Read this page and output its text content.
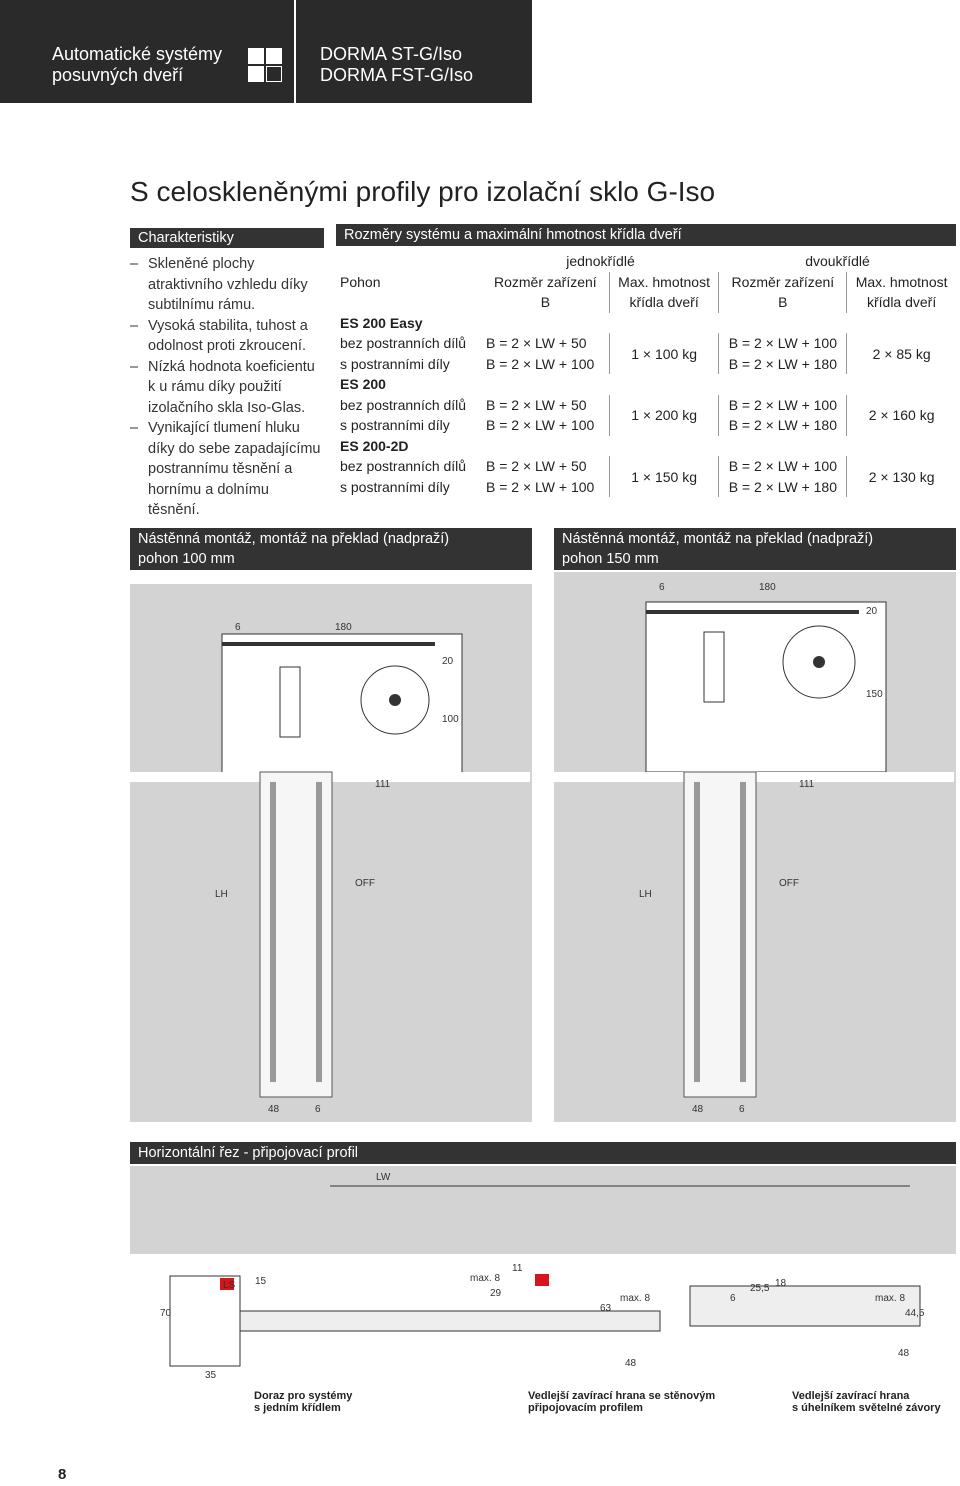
Automatické systémy
posuvných dveří
DORMA ST-G/Iso
DORMA FST-G/Iso
S celoskleněnými profily pro izolační sklo G-Iso
Charakteristiky
– Skleněné plochy atraktivního vzhledu díky subtilnímu rámu.
– Vysoká stabilita, tuhost a odolnost proti zkroucení.
– Nízká hodnota koeficientu k u rámu díky použití izolačního skla Iso-Glas.
– Vynikající tlumení hluku díky do sebe zapadajícímu postrannímu těsnění a hornímu a dolnímu těsnění.
Rozměry systému a maximální hmotnost křídla dveří
	jednokřídlé		dvoukřídlé	
Pohon	Rozměr zařízení	Max. hmotnost	Rozměr zařízení	Max. hmotnost
	B	křídla dveří	B	křídla dveří
ES 200 Easy				
bez postranních dílů	B = 2 × LW + 50	1 × 100 kg	B = 2 × LW + 100	2 × 85 kg
s postranními díly	B = 2 × LW + 100		B = 2 × LW + 180	
ES 200				
bez postranních dílů	B = 2 × LW + 50	1 × 200 kg	B = 2 × LW + 100	2 × 160 kg
s postranními díly	B = 2 × LW + 100		B = 2 × LW + 180	
ES 200-2D				
bez postranních dílů	B = 2 × LW + 50	1 × 150 kg	B = 2 × LW + 100	2 × 130 kg
s postranními díly	B = 2 × LW + 100		B = 2 × LW + 180	
Nástěnná montáž, montáž na překlad (nadpraží)
pohon 100 mm
Nástěnná montáž, montáž na překlad (nadpraží)
pohon 150 mm
6	180
20
100
111
LH
OFF
48	6
6	180
20
150
111
LH
OFF
48	6
Horizontální řez - připojovací profil
LW
70
15
35
LS
max. 8
29
11
63
max. 8
48
6
25,5 18
max. 8
44,5
48
Doraz pro systémy
s jedním křídlem
Vedlejší zavírací hrana se stěnovým
připojovacím profilem
Vedlejší zavírací hrana
s úhelníkem světelné závory
8
